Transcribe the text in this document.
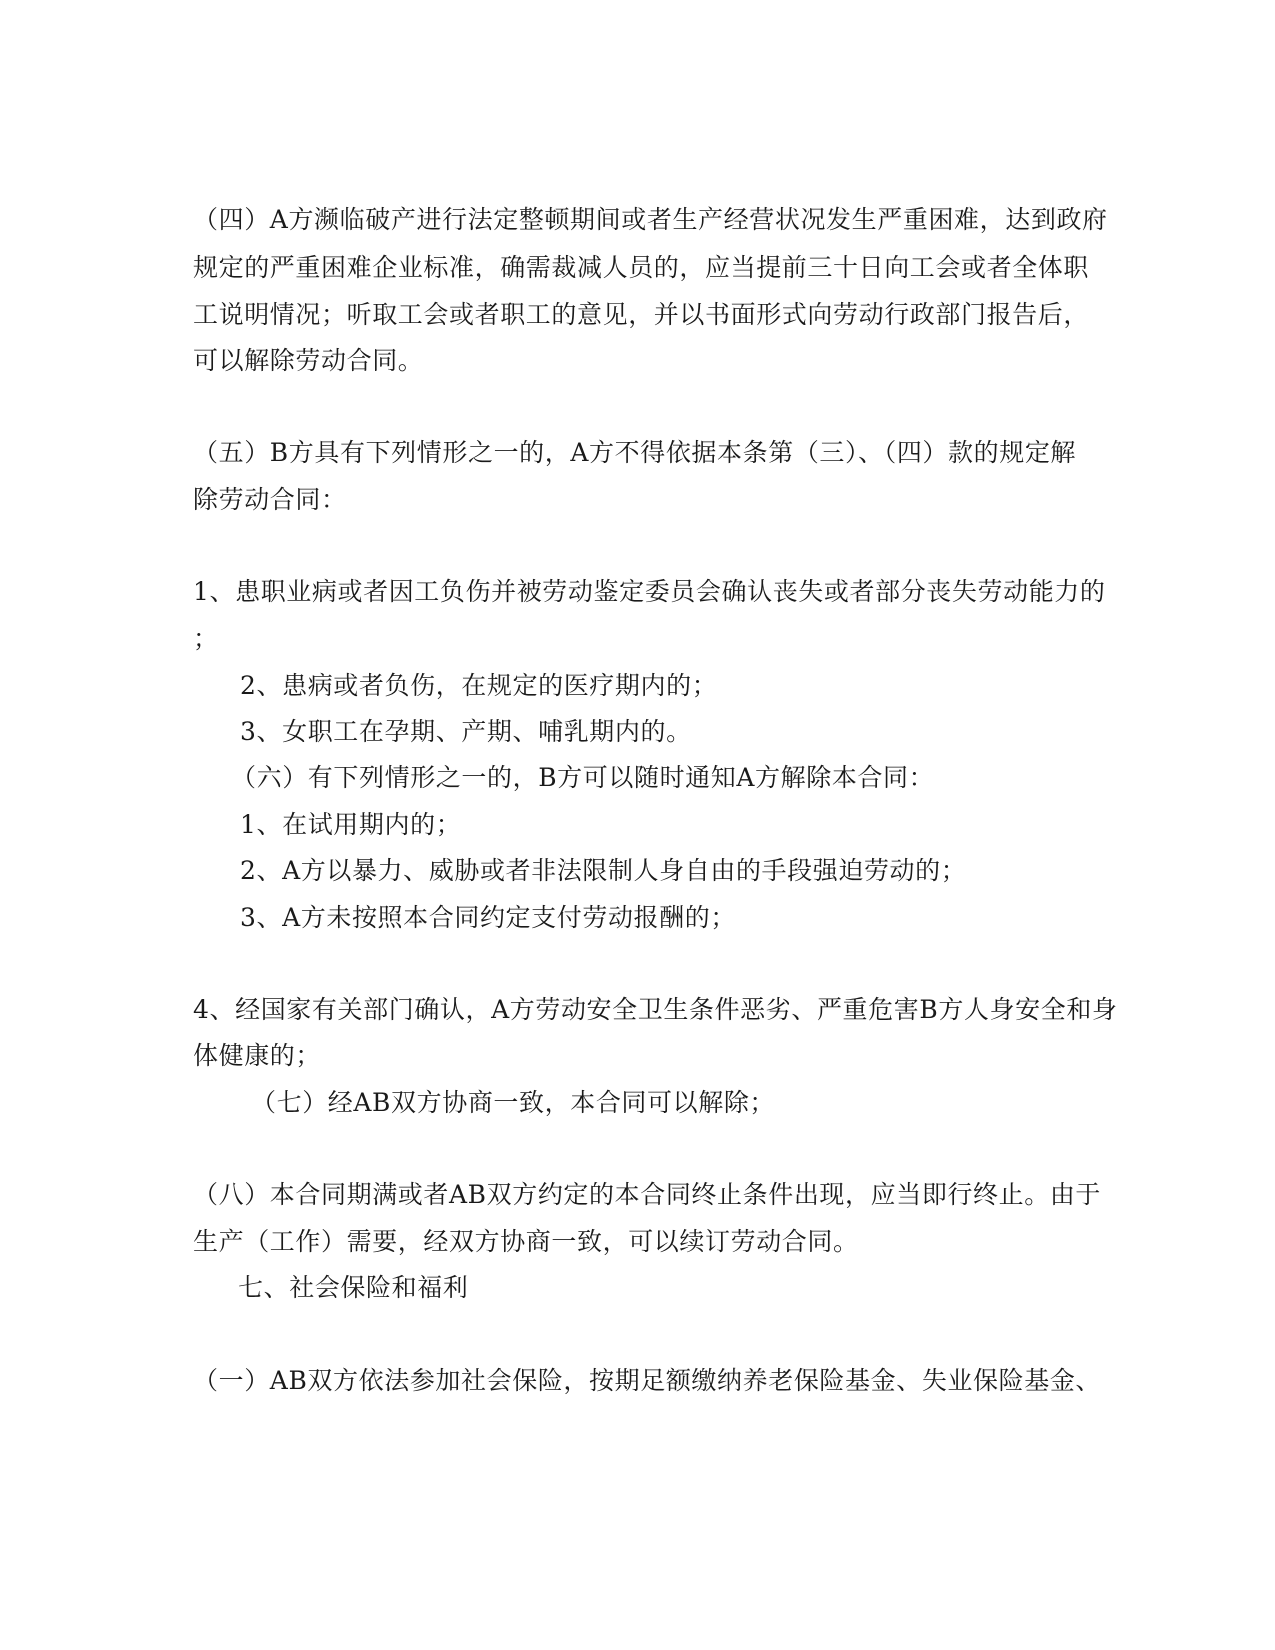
（四）A方濒临破产进行法定整顿期间或者生产经营状况发生严重困难，达到政府
规定的严重困难企业标准，确需裁减人员的，应当提前三十日向工会或者全体职
工说明情况；听取工会或者职工的意见，并以书面形式向劳动行政部门报告后，
可以解除劳动合同。
（五）B方具有下列情形之一的，A方不得依据本条第（三）、（四）款的规定解
除劳动合同：
1、患职业病或者因工负伤并被劳动鉴定委员会确认丧失或者部分丧失劳动能力的
；
2、患病或者负伤，在规定的医疗期内的；
3、女职工在孕期、产期、哺乳期内的。
（六）有下列情形之一的，B方可以随时通知A方解除本合同：
1、在试用期内的；
2、A方以暴力、威胁或者非法限制人身自由的手段强迫劳动的；
3、A方未按照本合同约定支付劳动报酬的；
4、经国家有关部门确认，A方劳动安全卫生条件恶劣、严重危害B方人身安全和身
体健康的；
（七）经AB双方协商一致，本合同可以解除；
（八）本合同期满或者AB双方约定的本合同终止条件出现，应当即行终止。由于
生产（工作）需要，经双方协商一致，可以续订劳动合同。
七、社会保险和福利
（一）AB双方依法参加社会保险，按期足额缴纳养老保险基金、失业保险基金、
